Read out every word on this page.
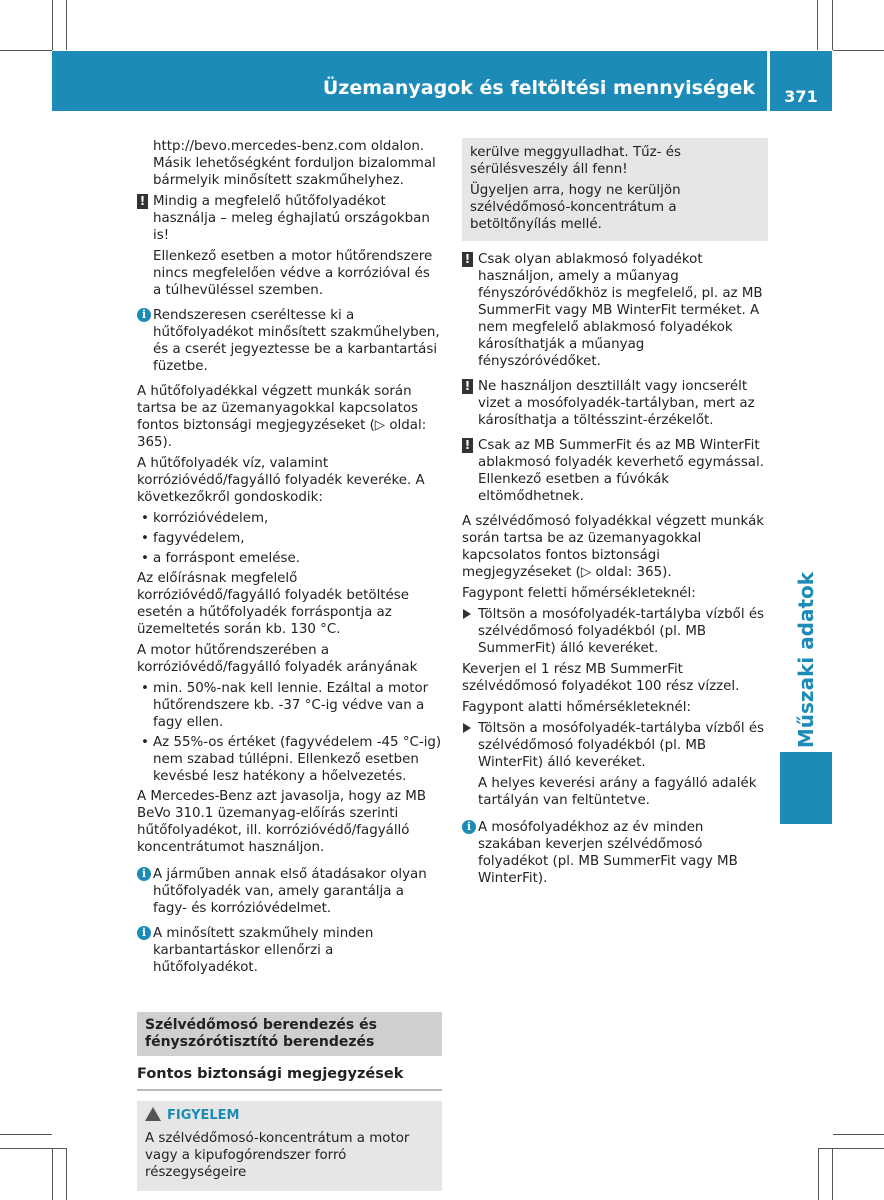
Üzemanyagok és feltöltési mennyiségek	371
Műszaki adatok

http://bevo.mercedes-benz.com oldalon. Másik lehetőségként forduljon bizalommal bármelyik minősített szakműhelyhez.

! Mindig a megfelelő hűtőfolyadékot használja – meleg éghajlatú országokban is!

Ellenkező esetben a motor hűtőrendszere nincs megfelelően védve a korrózióval és a túlhevüléssel szemben.

i Rendszeresen cseréltesse ki a hűtőfolyadékot minősített szakműhelyben, és a cserét jegyeztesse be a karbantartási füzetbe.

A hűtőfolyadékkal végzett munkák során tartsa be az üzemanyagokkal kapcsolatos fontos biztonsági megjegyzéseket (▷ oldal: 365).

A hűtőfolyadék víz, valamint korrózióvédő/fagyálló folyadék keveréke. A következőkről gondoskodik:

• korrózióvédelem,
• fagyvédelem,
• a forráspont emelése.

Az előírásnak megfelelő korrózióvédő/fagyálló folyadék betöltése esetén a hűtőfolyadék forráspontja az üzemeltetés során kb. 130 °C.

A motor hűtőrendszerében a korrózióvédő/fagyálló folyadék arányának

• min. 50%-nak kell lennie. Ezáltal a motor hűtőrendszere kb. -37 °C-ig védve van a fagy ellen.
• Az 55%-os értéket (fagyvédelem -45 °C-ig) nem szabad túllépni. Ellenkező esetben kevésbé lesz hatékony a hőelvezetés.

A Mercedes-Benz azt javasolja, hogy az MB BeVo 310.1 üzemanyag-előírás szerinti hűtőfolyadékot, ill. korrózióvédő/fagyálló koncentrátumot használjon.

i A járműben annak első átadásakor olyan hűtőfolyadék van, amely garantálja a fagy- és korrózióvédelmet.

i A minősített szakműhely minden karbantartáskor ellenőrzi a hűtőfolyadékot.

Szélvédőmosó berendezés és fényszórótisztító berendezés
Fontos biztonsági megjegyzések
FIGYELEM

A szélvédőmosó-koncentrátum a motor vagy a kipufogórendszer forró részegységeire

kerülve meggyulladhat. Tűz- és sérülésveszély áll fenn!

Ügyeljen arra, hogy ne kerüljön szélvédőmosó-koncentrátum a betöltőnyílás mellé.

! Csak olyan ablakmosó folyadékot használjon, amely a műanyag fényszóróvédőkhöz is megfelelő, pl. az MB SummerFit vagy MB WinterFit terméket. A nem megfelelő ablakmosó folyadékok károsíthatják a műanyag fényszóróvédőket.

! Ne használjon desztillált vagy ioncserélt vizet a mosófolyadék-tartályban, mert az károsíthatja a töltésszint-érzékelőt.

! Csak az MB SummerFit és az MB WinterFit ablakmosó folyadék keverhető egymással. Ellenkező esetben a fúvókák eltömődhetnek.

A szélvédőmosó folyadékkal végzett munkák során tartsa be az üzemanyagokkal kapcsolatos fontos biztonsági megjegyzéseket (▷ oldal: 365).

Fagypont feletti hőmérsékleteknél:

Töltsön a mosófolyadék-tartályba vízből és szélvédőmosó folyadékból (pl. MB SummerFit) álló keveréket.

Keverjen el 1 rész MB SummerFit szélvédőmosó folyadékot 100 rész vízzel.

Fagypont alatti hőmérsékleteknél:

Töltsön a mosófolyadék-tartályba vízből és szélvédőmosó folyadékból (pl. MB WinterFit) álló keveréket.

A helyes keverési arány a fagyálló adalék tartályán van feltüntetve.

i A mosófolyadékhoz az év minden szakában keverjen szélvédőmosó folyadékot (pl. MB SummerFit vagy MB WinterFit).
